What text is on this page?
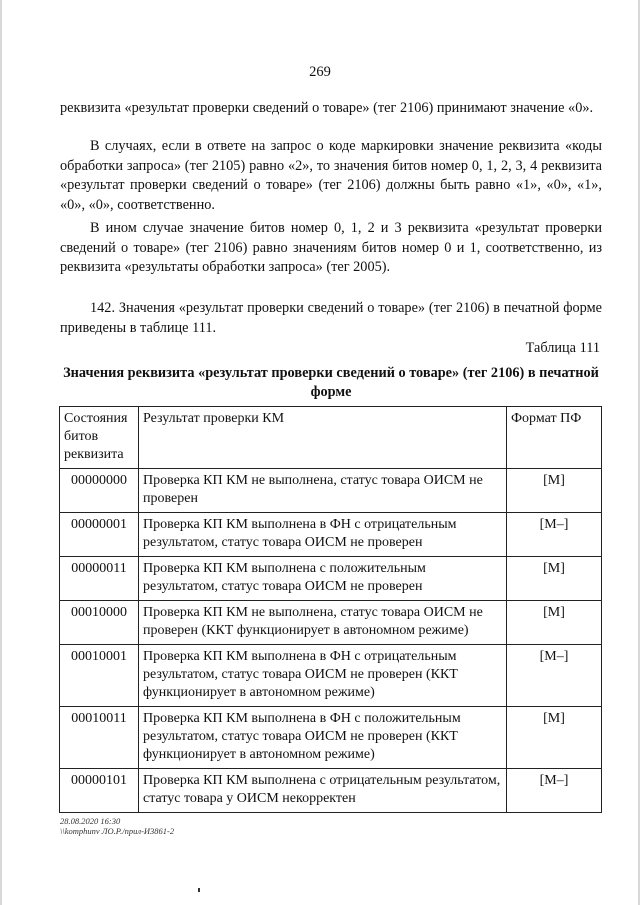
269

реквизита «результат проверки сведений о товаре» (тег 2106) принимают значение «0».

В случаях, если в ответе на запрос о коде маркировки значение реквизита «коды обработки запроса» (тег 2105) равно «2», то значения битов номер 0, 1, 2, 3, 4 реквизита «результат проверки сведений о товаре» (тег 2106) должны быть равно «1», «0», «1», «0», «0», соответственно.

В ином случае значение битов номер 0, 1, 2 и 3 реквизита «результат проверки сведений о товаре» (тег 2106) равно значениям битов номер 0 и 1, соответственно, из реквизита «результаты обработки запроса» (тег 2005).

142. Значения «результат проверки сведений о товаре» (тег 2106) в печатной форме приведены в таблице 111.

Таблица 111
Значения реквизита «результат проверки сведений о товаре» (тег 2106) в печатной форме
Состояния битов реквизита	Результат проверки КМ	Формат ПФ
00000000	Проверка КП КМ не выполнена, статус товара ОИСМ не проверен	[M]
00000001	Проверка КП КМ выполнена в ФН с отрицательным результатом, статус товара ОИСМ не проверен	[M–]
00000011	Проверка КП КМ выполнена с положительным результатом, статус товара ОИСМ не проверен	[M]
00010000	Проверка КП КМ не выполнена, статус товара ОИСМ не проверен (ККТ функционирует в автономном режиме)	[M]
00010001	Проверка КП КМ выполнена в ФН с отрицательным результатом, статус товара ОИСМ не проверен (ККТ функционирует в автономном режиме)	[M–]
00010011	Проверка КП КМ выполнена в ФН с положительным результатом, статус товара ОИСМ не проверен (ККТ функционирует в автономном режиме)	[M]
00000101	Проверка КП КМ выполнена с отрицательным результатом, статус товара у ОИСМ некорректен	[M–]
28.08.2020 16:30
\\komphunv ЛО.Р./прил-И3861-2
